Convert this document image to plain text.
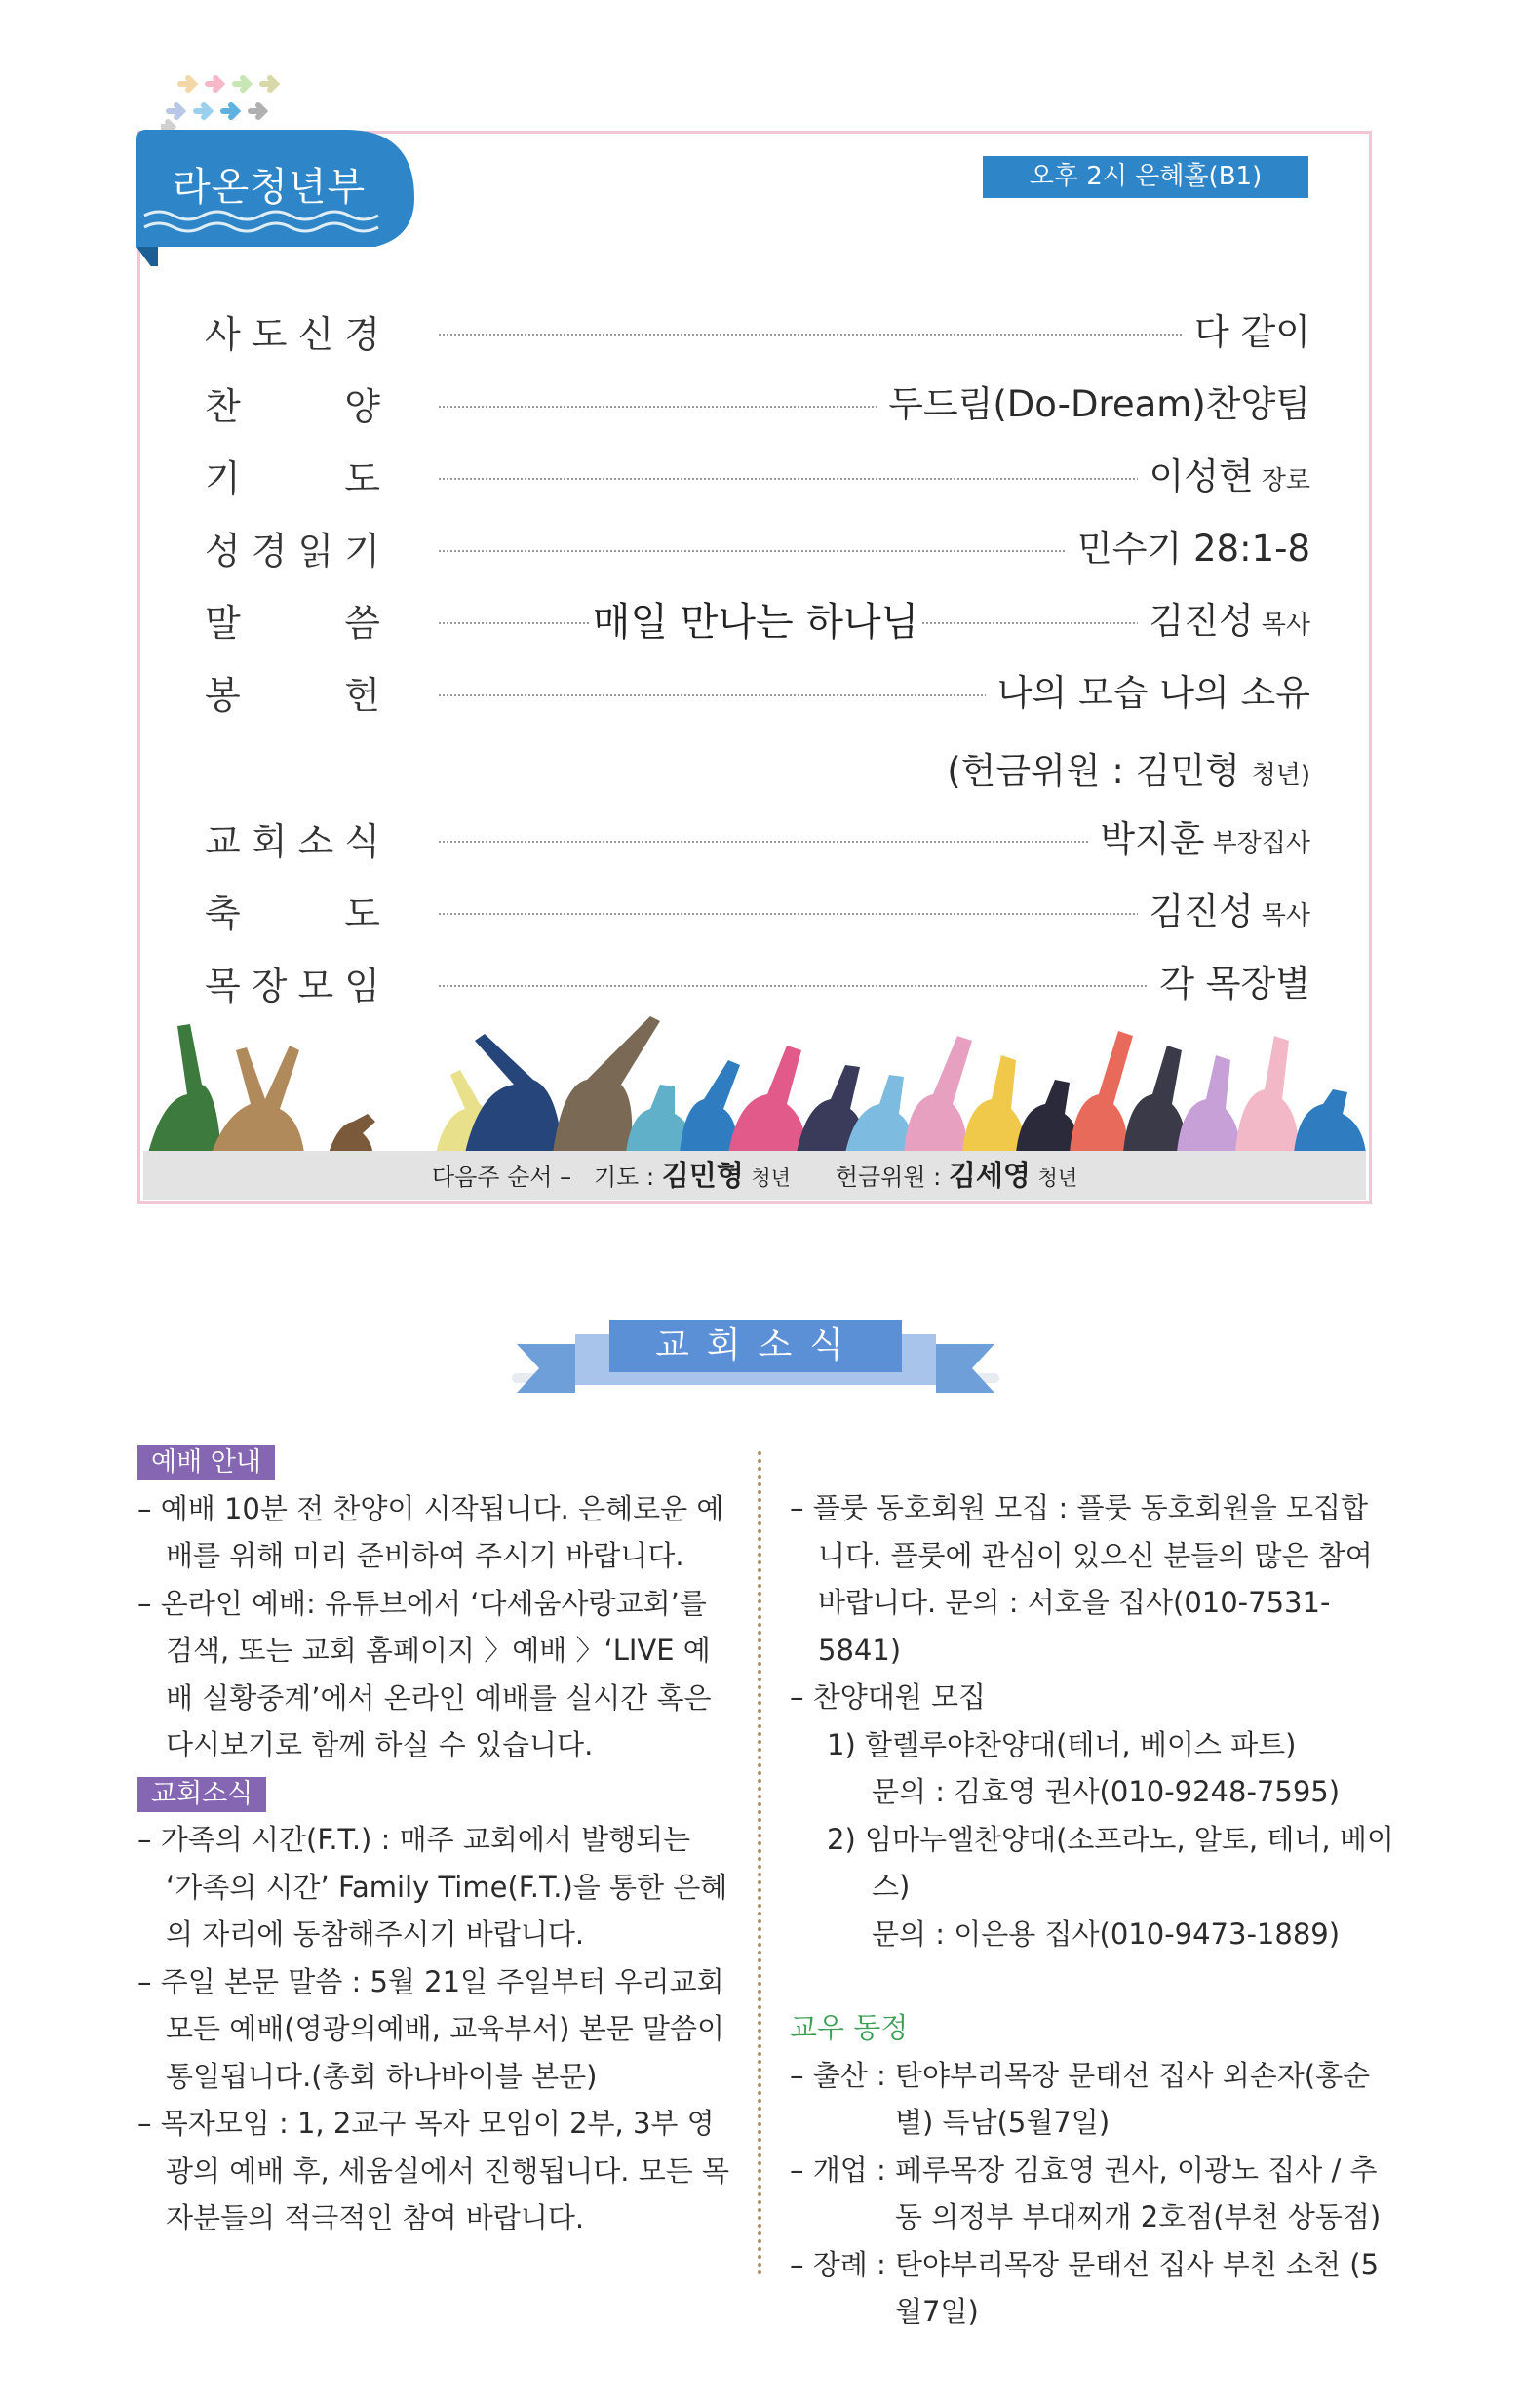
라온청년부	오후 2시 은혜홀(B1)
사 도 신 경	다 같이
찬	양	두드림(Do-Dream)찬양팀
기	도	이성현 장로
성 경 읽 기	민수기 28:1-8
말	씀	매일 만나는 하나님	김진성 목사
봉	헌	나의 모습 나의 소유
(헌금위원 : 김민형 청년)
교 회 소 식	박지훈 부장집사
축	도	김진성 목사
목 장 모 임	각 목장별
다음주 순서 – 기도 : 김민형 청년 헌금위원 : 김세영 청년
교회소식
예배 안내
– 예배 10분 전 찬양이 시작됩니다. 은혜로운 예배를 위해 미리 준비하여 주시기 바랍니다.
– 온라인 예배: 유튜브에서 ‘다세움사랑교회’를 검색, 또는 교회 홈페이지 〉예배 〉‘LIVE 예배 실황중계’에서 온라인 예배를 실시간 혹은 다시보기로 함께 하실 수 있습니다.
교회소식
– 가족의 시간(F.T.) : 매주 교회에서 발행되는 ‘가족의 시간’ Family Time(F.T.)을 통한 은혜의 자리에 동참해주시기 바랍니다.
– 주일 본문 말씀 : 5월 21일 주일부터 우리교회 모든 예배(영광의예배, 교육부서) 본문 말씀이 통일됩니다.(총회 하나바이블 본문)
– 목자모임 : 1, 2교구 목자 모임이 2부, 3부 영광의 예배 후, 세움실에서 진행됩니다. 모든 목자분들의 적극적인 참여 바랍니다.
– 플룻 동호회원 모집 : 플룻 동호회원을 모집합니다. 플룻에 관심이 있으신 분들의 많은 참여 바랍니다. 문의 : 서호을 집사(010-7531-5841)
– 찬양대원 모집
1) 할렐루야찬양대(테너, 베이스 파트)
문의 : 김효영 권사(010-9248-7595)
2) 임마누엘찬양대(소프라노, 알토, 테너, 베이스)
문의 : 이은용 집사(010-9473-1889)
교우 동정
– 출산 : 탄야부리목장 문태선 집사 외손자(홍순별) 득남(5월7일)
– 개업 : 페루목장 김효영 권사, 이광노 집사 / 추동 의정부 부대찌개 2호점(부천 상동점)
– 장례 : 탄야부리목장 문태선 집사 부친 소천 (5월7일)
